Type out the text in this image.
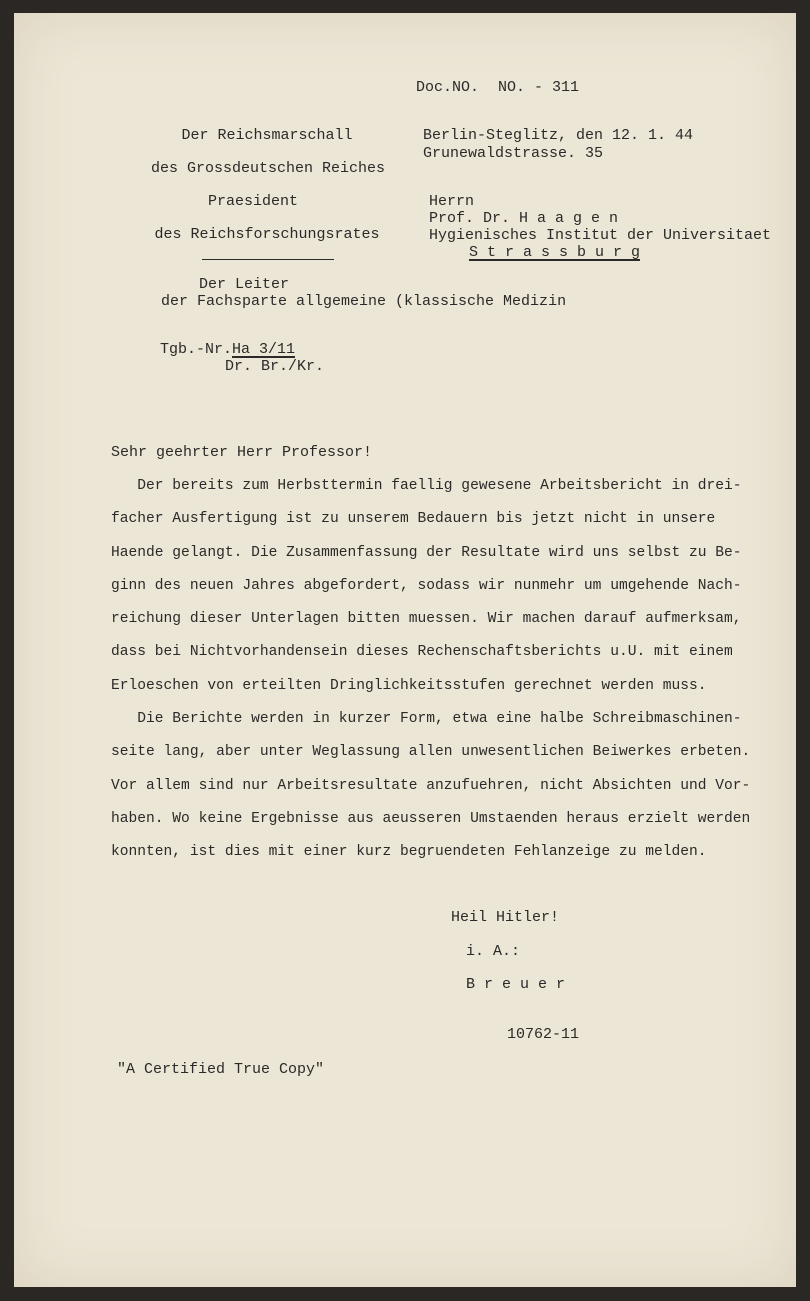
Doc.NO. NO. - 311
Der Reichsmarschall
des Grossdeutschen Reiches
Praesident
des Reichsforschungsrates
Der Leiter
der Fachsparte allgemeine (klassische Medizin
Berlin-Steglitz, den 12. 1. 44
Grunewaldstrasse. 35
Herrn
Prof. Dr. H a a g e n
Hygienisches Institut der Universitaet
S t r a s s b u r g
Tgb.-Nr. Ha 3/11
Dr. Br./Kr.
Sehr geehrter Herr Professor!
Der bereits zum Herbsttermin faellig gewesene Arbeitsbericht in drei-
facher Ausfertigung ist zu unserem Bedauern bis jetzt nicht in unsere
Haende gelangt. Die Zusammenfassung der Resultate wird uns selbst zu Be-
ginn des neuen Jahres abgefordert, sodass wir nunmehr um umgehende Nach-
reichung dieser Unterlagen bitten muessen. Wir machen darauf aufmerksam,
dass bei Nichtvorhandensein dieses Rechenschaftsberichts u.U. mit einem
Erloeschen von erteilten Dringlichkeitsstufen gerechnet werden muss.
Die Berichte werden in kurzer Form, etwa eine halbe Schreibmaschinen-
seite lang, aber unter Weglassung allen unwesentlichen Beiwerkes erbeten.
Vor allem sind nur Arbeitsresultate anzufuehren, nicht Absichten und Vor-
haben. Wo keine Ergebnisse aus aeusseren Umstaenden heraus erzielt werden
konnten, ist dies mit einer kurz begruendeten Fehlanzeige zu melden.
Heil Hitler!
i. A.:
B r e u e r
10762-11
"A Certified True Copy"
